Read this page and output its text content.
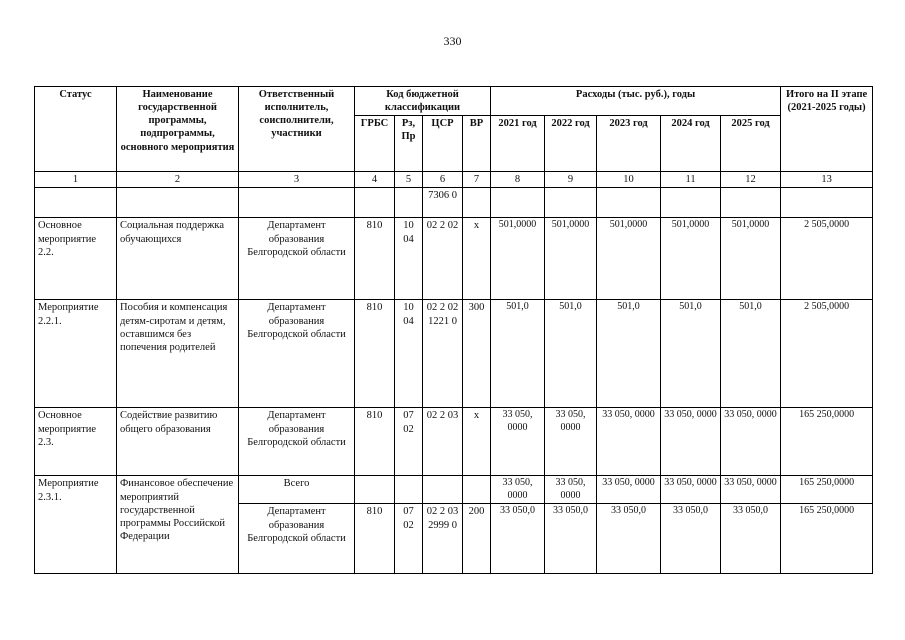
330
Статус	Наименование государственной программы, подпрограммы, основного мероприятия	Ответственный исполнитель, соисполнители, участники	Код бюджетной классификации				Расходы (тыс. руб.), годы					Итого на II этапе (2021-2025 годы)
			ГРБС	Рз, Пр	ЦСР	ВР	2021 год	2022 год	2023 год	2024 год	2025 год	
1	2	3	4	5	6	7	8	9	10	11	12	13
					7306 0							
Основное мероприятие 2.2.	Социальная поддержка обучающихся	Департамент образования Белгородской области	810	10 04	02 2 02	х	501,0000	501,0000	501,0000	501,0000	501,0000	2 505,0000
Мероприятие 2.2.1.	Пособия и компенсация детям-сиротам и детям, оставшимся без попечения родителей	Департамент образования Белгородской области	810	10 04	02 2 02 1221 0	300	501,0	501,0	501,0	501,0	501,0	2 505,0000
Основное мероприятие 2.3.	Содействие развитию общего образования	Департамент образования Белгородской области	810	07 02	02 2 03	х	33 050, 0000	33 050, 0000	33 050, 0000	33 050, 0000	33 050, 0000	165 250,0000
Мероприятие 2.3.1.	Финансовое обеспечение мероприятий государственной программы Российской Федерации	Всего					33 050, 0000	33 050, 0000	33 050, 0000	33 050, 0000	33 050, 0000	165 250,0000
		Департамент образования Белгородской области	810	07 02	02 2 03 2999 0	200	33 050,0	33 050,0	33 050,0	33 050,0	33 050,0	165 250,0000
